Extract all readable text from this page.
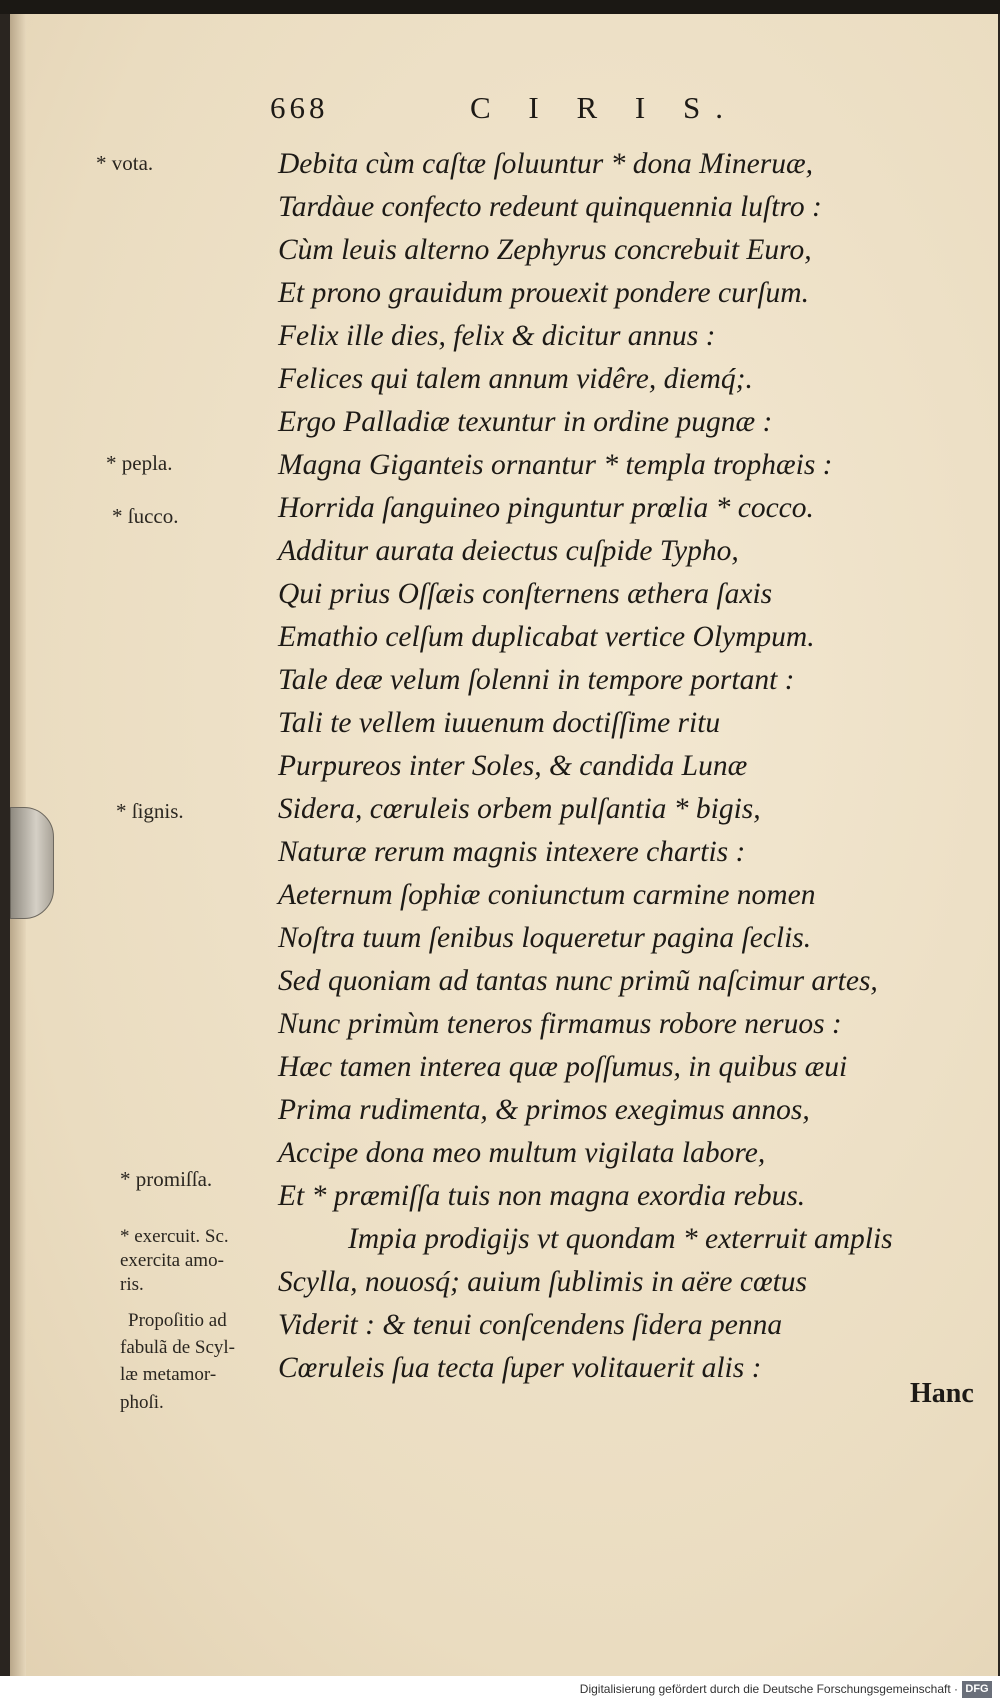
668	C I R I S.
* vota.
* pepla.
* ſucco.
* ſignis.
* promiſſa.
* exercuit. Sc.
exercita amo-
ris.
Propoſitio ad
fabulã de Scyl-
læ metamor-
phoſi.
Debita cùm caſtæ ſoluuntur * dona Mineruæ,
Tardàue confecto redeunt quinquennia luſtro :
Cùm leuis alterno Zephyrus concrebuit Euro,
Et prono grauidum prouexit pondere curſum.
Felix ille dies, felix & dicitur annus :
Felices qui talem annum vidêre, diemq́;.
Ergo Palladiæ texuntur in ordine pugnæ :
Magna Giganteis ornantur * templa trophæis :
Horrida ſanguineo pinguntur prœlia * cocco.
Additur aurata deiectus cuſpide Typho,
Qui prius Oſſæis conſternens æthera ſaxis
Emathio celſum duplicabat vertice Olympum.
Tale deæ velum ſolenni in tempore portant :
Tali te vellem iuuenum doctiſſime ritu
Purpureos inter Soles, & candida Lunæ
Sidera, cœruleis orbem pulſantia * bigis,
Naturæ rerum magnis intexere chartis :
Aeternum ſophiæ coniunctum carmine nomen
Noſtra tuum ſenibus loqueretur pagina ſeclis.
Sed quoniam ad tantas nunc primũ naſcimur artes,
Nunc primùm teneros firmamus robore neruos :
Hæc tamen interea quæ poſſumus, in quibus æui
Prima rudimenta, & primos exegimus annos,
Accipe dona meo multum vigilata labore,
Et * præmiſſa tuis non magna exordia rebus.
Impia prodigijs vt quondam * exterruit amplis
Scylla, nouosq́; auium ſublimis in aëre cœtus
Viderit : & tenui conſcendens ſidera penna
Cœruleis ſua tecta ſuper volitauerit alis :
Hanc
Digitalisierung gefördert durch die Deutsche Forschungsgemeinschaft · DFG
